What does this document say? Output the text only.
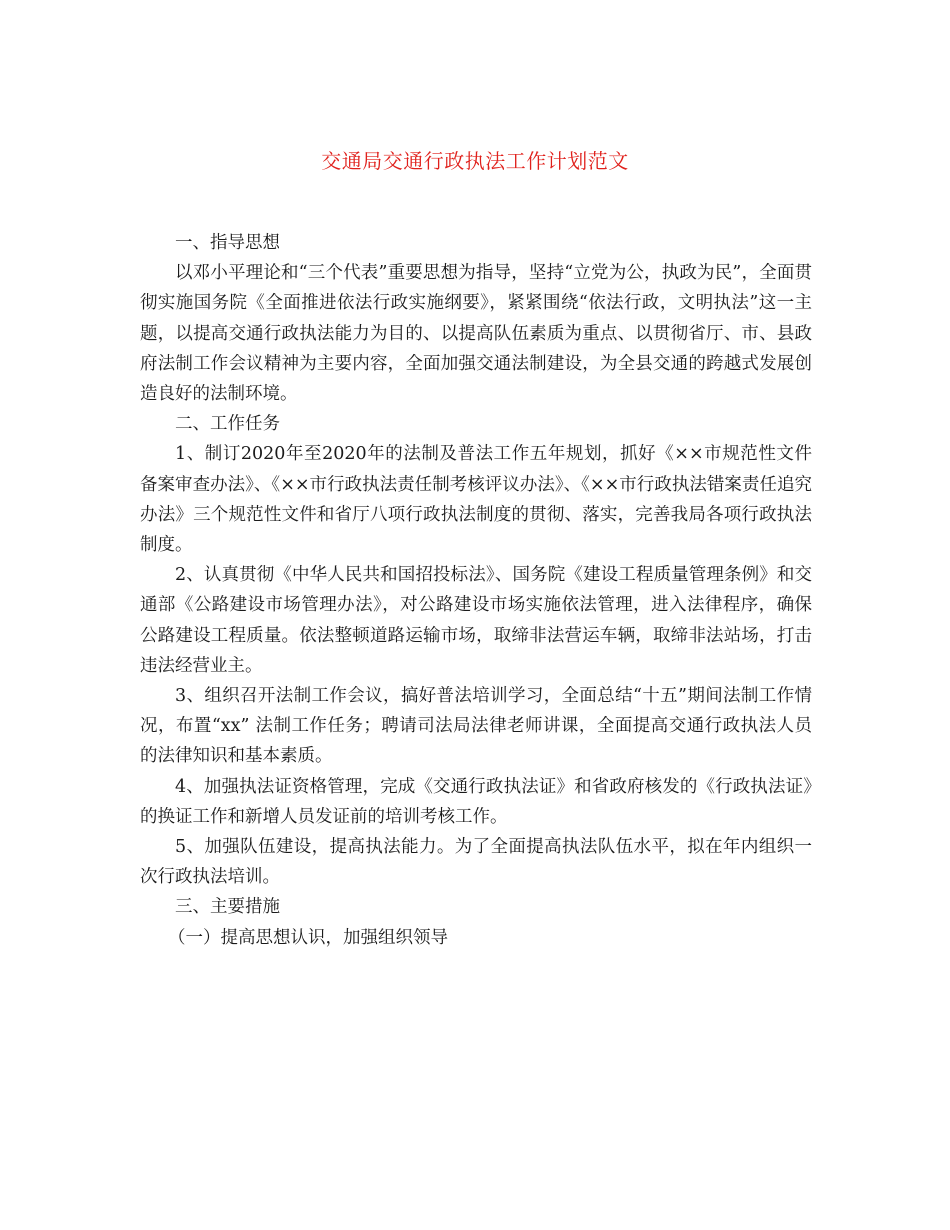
交通局交通行政执法工作计划范文

一、指导思想

以邓小平理论和“三个代表”重要思想为指导，坚持“立党为公，执政为民”，全面贯彻实施国务院《全面推进依法行政实施纲要》，紧紧围绕“依法行政，文明执法”这一主题，以提高交通行政执法能力为目的、以提高队伍素质为重点、以贯彻省厅、市、县政府法制工作会议精神为主要内容，全面加强交通法制建设，为全县交通的跨越式发展创造良好的法制环境。

二、工作任务

1、制订2020年至2020年的法制及普法工作五年规划，抓好《××市规范性文件备案审查办法》、《××市行政执法责任制考核评议办法》、《××市行政执法错案责任追究办法》三个规范性文件和省厅八项行政执法制度的贯彻、落实，完善我局各项行政执法制度。

2、认真贯彻《中华人民共和国招投标法》、国务院《建设工程质量管理条例》和交通部《公路建设市场管理办法》，对公路建设市场实施依法管理，进入法律程序，确保公路建设工程质量。依法整顿道路运输市场，取缔非法营运车辆，取缔非法站场，打击违法经营业主。

3、组织召开法制工作会议，搞好普法培训学习，全面总结“十五”期间法制工作情况，布置“xx” 法制工作任务；聘请司法局法律老师讲课，全面提高交通行政执法人员的法律知识和基本素质。

4、加强执法证资格管理，完成《交通行政执法证》和省政府核发的《行政执法证》的换证工作和新增人员发证前的培训考核工作。

5、加强队伍建设，提高执法能力。为了全面提高执法队伍水平，拟在年内组织一次行政执法培训。

三、主要措施

（一）提高思想认识，加强组织领导
